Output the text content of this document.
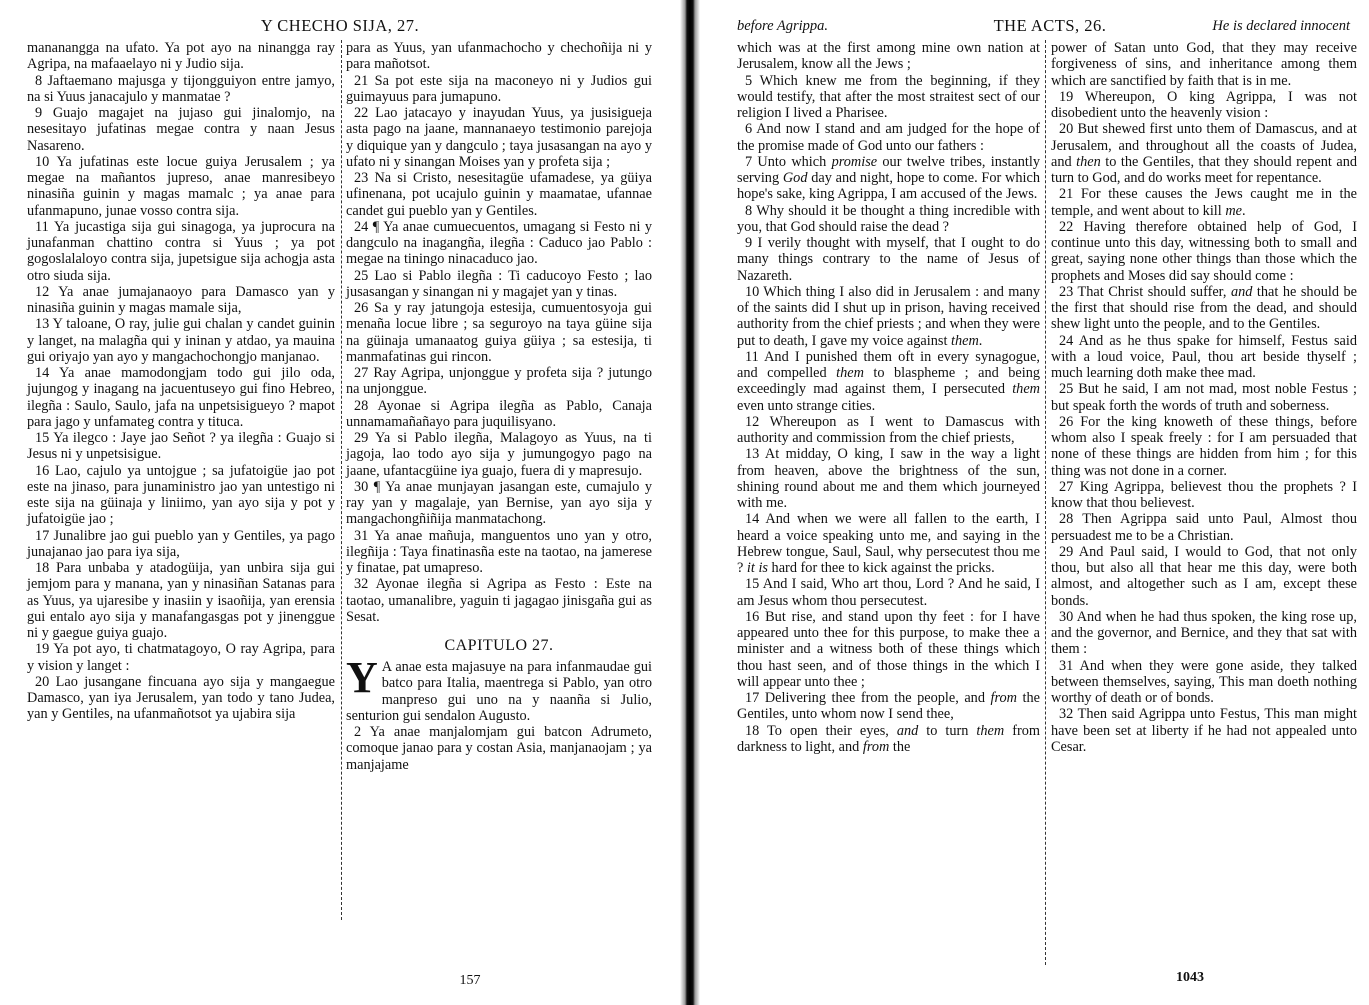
Y CHECHO SIJA, 27.

mananangga na ufato. Ya pot ayo na ninangga ray Agripa, na mafaaelayo ni y Judio sija.

8 Jaftaemano majusga y tijongguiyon entre jamyo, na si Yuus janacajulo y manmatae ?

9 Guajo magajet na jujaso gui jinalomjo, na nesesitayo jufatinas megae contra y naan Jesus Nasareno.

10 Ya jufatinas este locue guiya Jerusalem ; ya megae na mañantos jupreso, anae manresibeyo ninasiña guinin y magas mamalc ; ya anae para ufanmapuno, junae vosso contra sija.

11 Ya jucastiga sija gui sinagoga, ya juprocura na junafanman chattino contra si Yuus ; ya pot gogoslalaloyo contra sija, jupetsigue sija achogja asta otro siuda sija.

12 Ya anae jumajanaoyo para Damasco yan y ninasiña guinin y magas mamale sija,

13 Y taloane, O ray, julie gui chalan y candet guinin y langet, na malagña qui y ininan y atdao, ya mauina gui oriyajo yan ayo y mangachochongjo manjanao.

14 Ya anae mamodongjam todo gui jilo oda, jujungog y inagang na jacuentuseyo gui fino Hebreo, ilegña : Saulo, Saulo, jafa na unpetsisigueyo ? mapot para jago y unfamateg contra y tituca.

15 Ya ilegco : Jaye jao Señot ? ya ilegña : Guajo si Jesus ni y unpetsisigue.

16 Lao, cajulo ya untojgue ; sa jufatoigüe jao pot este na jinaso, para junaministro jao yan untestigo ni este sija na güinaja y liniimo, yan ayo sija y pot y jufatoigüe jao ;

17 Junalibre jao gui pueblo yan y Gentiles, ya pago junajanao jao para iya sija,

18 Para unbaba y atadogüija, yan unbira sija gui jemjom para y manana, yan y ninasiñan Satanas para as Yuus, ya ujaresibe y inasiin y isaoñija, yan erensia gui entalo ayo sija y manafangasgas pot y jinenggue ni y gaegue guiya guajo.

19 Ya pot ayo, ti chatmatagoyo, O ray Agripa, para y vision y langet :

20 Lao jusangane fincuana ayo sija y mangaegue Damasco, yan iya Jerusalem, yan todo y tano Judea, yan y Gentiles, na ufanmañotsot ya ujabira sija

para as Yuus, yan ufanmachocho y chechoñija ni y para mañotsot.

21 Sa pot este sija na maconeyo ni y Judios gui guimayuus para jumapuno.

22 Lao jatacayo y inayudan Yuus, ya jusisigueja asta pago na jaane, mannanaeyo testimonio parejoja y diquique yan y dangculo ; taya jusasangan na ayo y ufato ni y sinangan Moises yan y profeta sija ;

23 Na si Cristo, nesesitagüe ufamadese, ya güiya ufinenana, pot ucajulo guinin y maamatae, ufannae candet gui pueblo yan y Gentiles.

24 ¶ Ya anae cumuecuentos, umagang si Festo ni y dangculo na inagangña, ilegña : Caduco jao Pablo : megae na tiningo ninacaduco jao.

25 Lao si Pablo ilegña : Ti caducoyo Festo ; lao jusasangan y sinangan ni y magajet yan y tinas.

26 Sa y ray jatungoja estesija, cumuentosyoja gui menaña locue libre ; sa seguroyo na taya güine sija na güinaja umanaatog guiya güiya ; sa estesija, ti manmafatinas gui rincon.

27 Ray Agripa, unjonggue y profeta sija ? jutungo na unjonggue.

28 Ayonae si Agripa ilegña as Pablo, Canaja unnamamañañayo para juquilisyano.

29 Ya si Pablo ilegña, Malagoyo as Yuus, na ti jagoja, lao todo ayo sija y jumungogyo pago na jaane, ufantacgüine iya guajo, fuera di y mapresujo.

30 ¶ Ya anae munjayan jasangan este, cumajulo y ray yan y magalaje, yan Bernise, yan ayo sija y mangachongñiñija manmatachong.

31 Ya anae mañuja, manguentos uno yan y otro, ilegñija : Taya finatinasña este na taotao, na jamerese y finatae, pat umapreso.

32 Ayonae ilegña si Agripa as Festo : Este na taotao, umanalibre, yaguin ti jagagao jinisgaña gui as Sesat.

CAPITULO 27.

Y A anae esta majasuye na para infanmaudae gui batco para Italia, maentrega si Pablo, yan otro manpreso gui uno na y naanña si Julio, senturion gui sendalon Augusto.

2 Ya anae manjalomjam gui batcon Adrumeto, comoque janao para y costan Asia, manjanaojam ; ya manjajame

157
before Agrippa.	THE ACTS, 26.	He is declared innocent

which was at the first among mine own nation at Jerusalem, know all the Jews ;

5 Which knew me from the beginning, if they would testify, that after the most straitest sect of our religion I lived a Pharisee.

6 And now I stand and am judged for the hope of the promise made of God unto our fathers :

7 Unto which promise our twelve tribes, instantly serving God day and night, hope to come. For which hope's sake, king Agrippa, I am accused of the Jews.

8 Why should it be thought a thing incredible with you, that God should raise the dead ?

9 I verily thought with myself, that I ought to do many things contrary to the name of Jesus of Nazareth.

10 Which thing I also did in Jerusalem : and many of the saints did I shut up in prison, having received authority from the chief priests ; and when they were put to death, I gave my voice against them.

11 And I punished them oft in every synagogue, and compelled them to blaspheme ; and being exceedingly mad against them, I persecuted them even unto strange cities.

12 Whereupon as I went to Damascus with authority and commission from the chief priests,

13 At midday, O king, I saw in the way a light from heaven, above the brightness of the sun, shining round about me and them which journeyed with me.

14 And when we were all fallen to the earth, I heard a voice speaking unto me, and saying in the Hebrew tongue, Saul, Saul, why persecutest thou me ? it is hard for thee to kick against the pricks.

15 And I said, Who art thou, Lord ? And he said, I am Jesus whom thou persecutest.

16 But rise, and stand upon thy feet : for I have appeared unto thee for this purpose, to make thee a minister and a witness both of these things which thou hast seen, and of those things in the which I will appear unto thee ;

17 Delivering thee from the people, and from the Gentiles, unto whom now I send thee,

18 To open their eyes, and to turn them from darkness to light, and from the

power of Satan unto God, that they may receive forgiveness of sins, and inheritance among them which are sanctified by faith that is in me.

19 Whereupon, O king Agrippa, I was not disobedient unto the heavenly vision :

20 But shewed first unto them of Damascus, and at Jerusalem, and throughout all the coasts of Judea, and then to the Gentiles, that they should repent and turn to God, and do works meet for repentance.

21 For these causes the Jews caught me in the temple, and went about to kill me.

22 Having therefore obtained help of God, I continue unto this day, witnessing both to small and great, saying none other things than those which the prophets and Moses did say should come :

23 That Christ should suffer, and that he should be the first that should rise from the dead, and should shew light unto the people, and to the Gentiles.

24 And as he thus spake for himself, Festus said with a loud voice, Paul, thou art beside thyself ; much learning doth make thee mad.

25 But he said, I am not mad, most noble Festus ; but speak forth the words of truth and soberness.

26 For the king knoweth of these things, before whom also I speak freely : for I am persuaded that none of these things are hidden from him ; for this thing was not done in a corner.

27 King Agrippa, believest thou the prophets ? I know that thou believest.

28 Then Agrippa said unto Paul, Almost thou persuadest me to be a Christian.

29 And Paul said, I would to God, that not only thou, but also all that hear me this day, were both almost, and altogether such as I am, except these bonds.

30 And when he had thus spoken, the king rose up, and the governor, and Bernice, and they that sat with them :

31 And when they were gone aside, they talked between themselves, saying, This man doeth nothing worthy of death or of bonds.

32 Then said Agrippa unto Festus, This man might have been set at liberty if he had not appealed unto Cesar.

1043
